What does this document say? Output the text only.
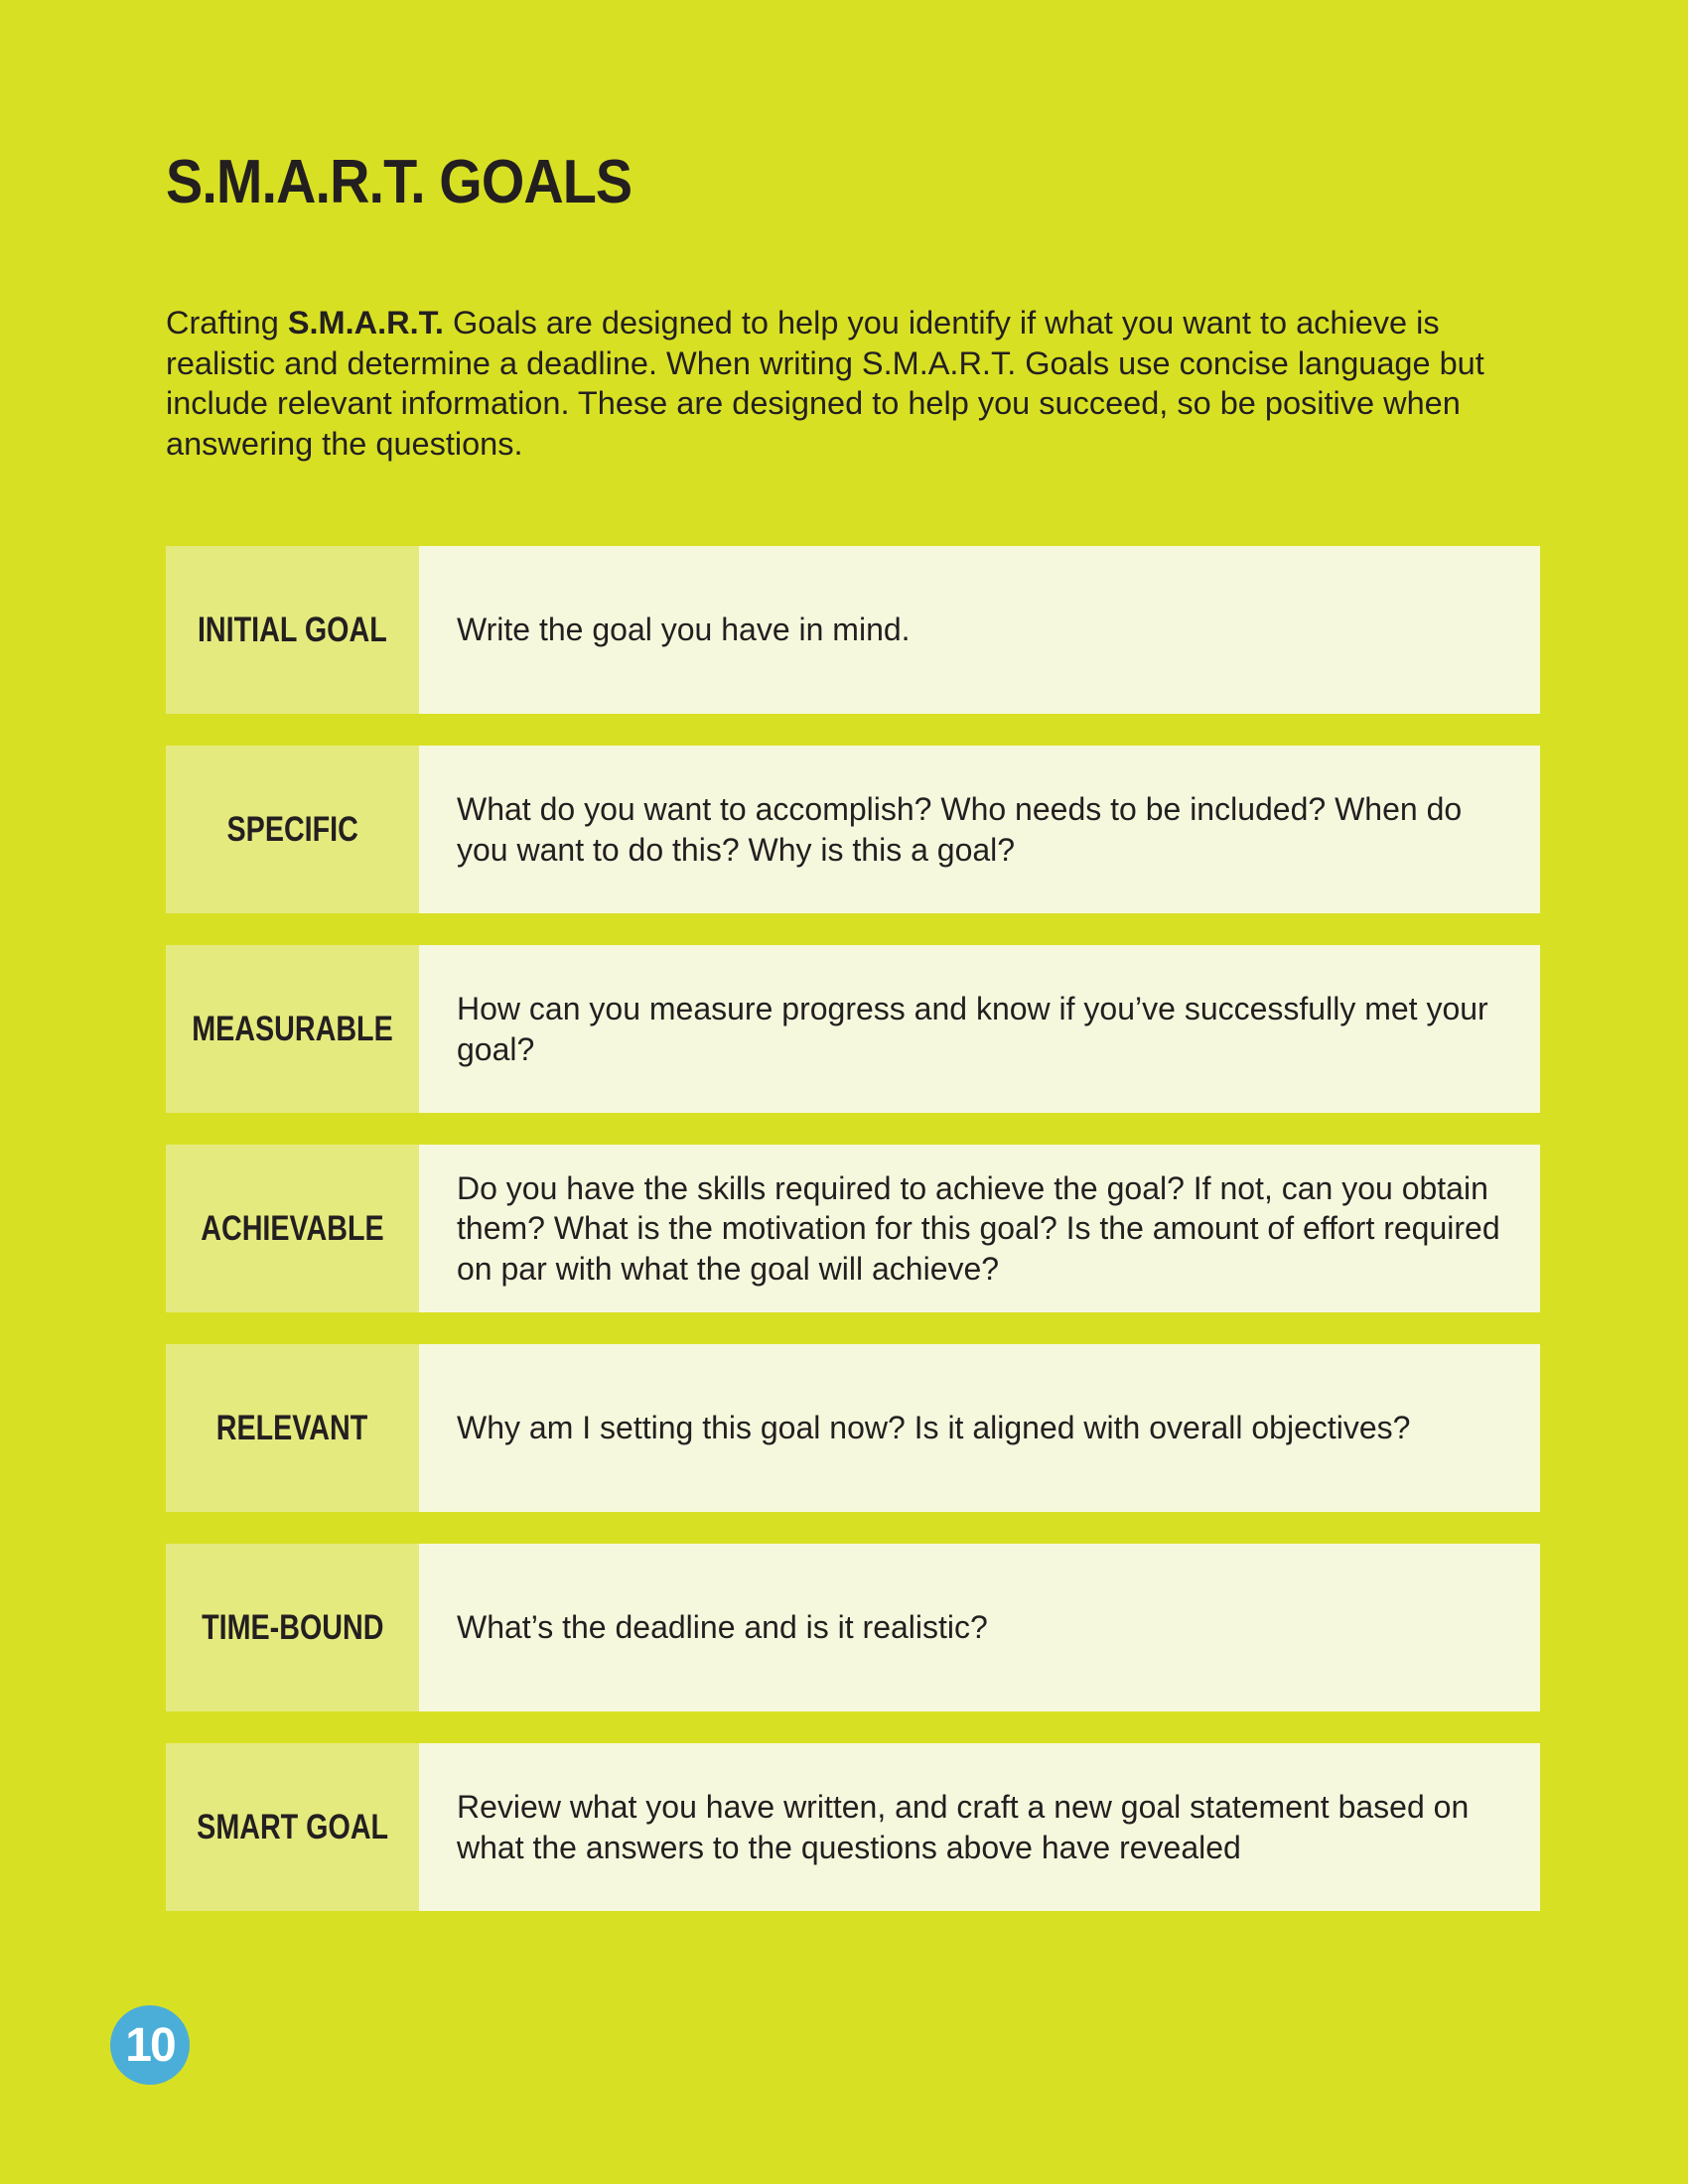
S.M.A.R.T. GOALS

Crafting S.M.A.R.T. Goals are designed to help you identify if what you want to achieve is realistic and determine a deadline. When writing S.M.A.R.T. Goals use concise language but include relevant information. These are designed to help you succeed, so be positive when answering the questions.

INITIAL GOAL Write the goal you have in mind.
SPECIFIC
What do you want to accomplish? Who needs to be included? When do you want to do this? Why is this a goal?
MEASURABLE
How can you measure progress and know if you’ve successfully met your goal?
ACHIEVABLE
Do you have the skills required to achieve the goal? If not, can you obtain them? What is the motivation for this goal? Is the amount of effort required on par with what the goal will achieve?
RELEVANT	Why am I setting this goal now? Is it aligned with overall objectives?
TIME-BOUND What’s the deadline and is it realistic?
SMART GOAL
Review what you have written, and craft a new goal statement based on what the answers to the questions above have revealed
10
